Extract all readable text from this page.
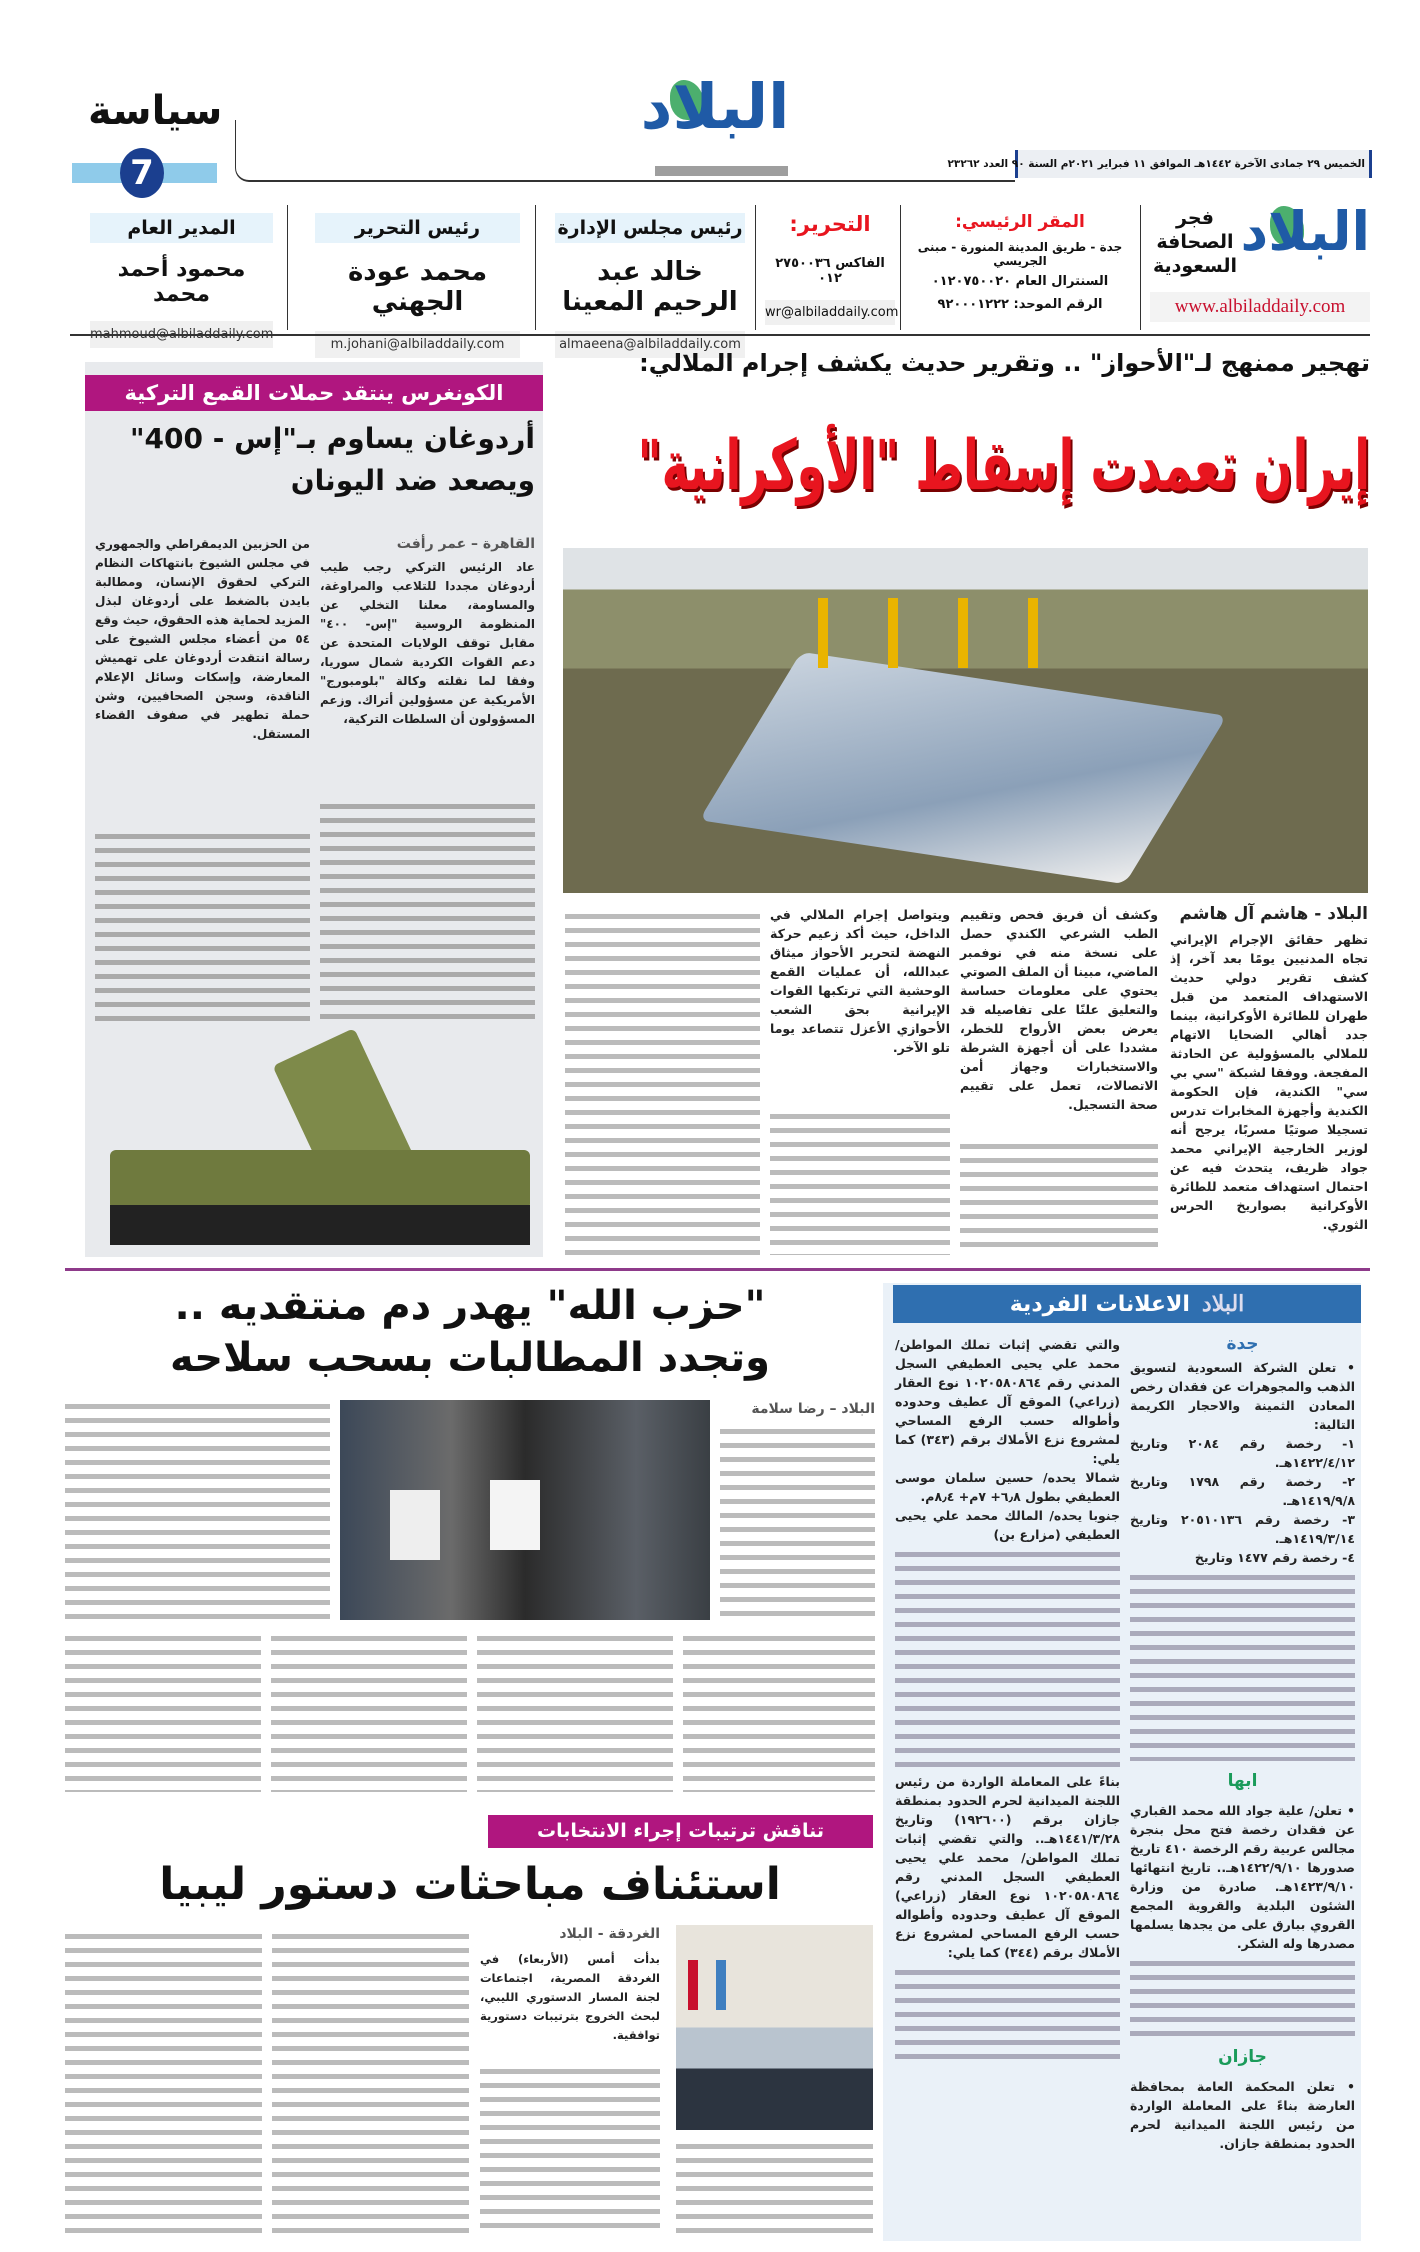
سياسة
7
البلاد
الخميس ٢٩ جمادى الآخرة ١٤٤٢هـ الموافق ١١ فبراير ٢٠٢١م السنة ٩٠ العدد ٢٣٢٦٢
البلاد
فجر
الصحافة
السعودية
www.albiladdaily.com
المقر الرئيسي:
جدة - طريق المدينة المنورة - مبنى الجريسي
السنترال العام ٠١٢٠٧٥٠٠٢٠
الرقم الموحد: ٩٢٠٠٠١٢٢٢
التحرير:
الفاكس ٢٧٥٠٠٣٦ ٠١٢
wr@albiladdaily.com
رئيس مجلس الإدارة
خالد عبد الرحيم المعينا
almaeena@albiladdaily.com
رئيس التحرير
محمد عودة الجهني
m.johani@albiladdaily.com
المدير العام
محمود أحمد محمد
mahmoud@albiladdaily.com
تهجير ممنهج لـ"الأحواز" .. وتقرير حديث يكشف إجرام الملالي:
إيران تعمدت إسقاط "الأوكرانية"
البلاد - هاشم آل هاشم
تظهر حقائق الإجرام الإيراني تجاه المدنيين يومًا بعد آخر، إذ كشف تقرير دولي حديث الاستهداف المتعمد من قبل طهران للطائرة الأوكرانية، بينما جدد أهالي الضحايا الاتهام للملالي بالمسؤولية عن الحادثة المفجعة. ووفقا لشبكة "سي بي سي" الكندية، فإن الحكومة الكندية وأجهزة المخابرات تدرس تسجيلا صوتيًا مسربًا، يرجح أنه لوزير الخارجية الإيراني محمد جواد ظريف، يتحدث فيه عن احتمال استهداف متعمد للطائرة الأوكرانية بصواريخ الحرس الثوري.
وكشف أن فريق فحص وتقييم الطب الشرعي الكندي حصل على نسخة منه في نوفمبر الماضي، مبينا أن الملف الصوتي يحتوي على معلومات حساسة والتعليق علنًا على تفاصيله قد يعرض بعض الأرواح للخطر، مشددا على أن أجهزة الشرطة والاستخبارات وجهاز أمن الاتصالات، تعمل على تقييم صحة التسجيل.
ويتواصل إجرام الملالي في الداخل، حيث أكد زعيم حركة النهضة لتحرير الأحواز ميثاق عبدالله، أن عمليات القمع الوحشية التي ترتكبها القوات الإيرانية بحق الشعب الأحوازي الأعزل تتصاعد يوما تلو الآخر.
الكونغرس ينتقد حملات القمع التركية
أردوغان يساوم بـ"إس - 400" ويصعد ضد اليونان
القاهرة – عمر رأفت
عاد الرئيس التركي رجب طيب أردوغان مجددا للتلاعب والمراوغة، والمساومة، معلنا التخلي عن المنظومة الروسية "إس- ٤٠٠" مقابل توقف الولايات المتحدة عن دعم القوات الكردية شمال سوريا، وفقا لما نقلته وكالة "بلومبورج" الأمريكية عن مسؤولين أتراك. وزعم المسؤولون أن السلطات التركية،
من الحزبين الديمقراطي والجمهوري في مجلس الشيوخ بانتهاكات النظام التركي لحقوق الإنسان، ومطالبة بايدن بالضغط على أردوغان لبذل المزيد لحماية هذه الحقوق، حيث وقع ٥٤ من أعضاء مجلس الشيوخ على رسالة انتقدت أردوغان على تهميش المعارضة، وإسكات وسائل الإعلام الناقدة، وسجن الصحافيين، وشن حملة تطهير في صفوف القضاء المستقل.
"حزب الله" يهدر دم منتقديه .. وتجدد المطالبات بسحب سلاحه
البلاد – رضا سلامة
تناقش ترتيبات إجراء الانتخابات
استئناف مباحثات دستور ليبيا
الغردقة - البلاد
بدأت أمس (الأربعاء) في الغردقة المصرية، اجتماعات لجنة المسار الدستوري الليبي، لبحث الخروج بترتيبات دستورية توافقية.
البلادالاعلانات الفردية
جدة
• تعلن الشركة السعودية لتسويق الذهب والمجوهرات عن فقدان رخص المعادن الثمينة والاحجار الكريمة التالية:
١- رخصة رقم ٢٠٨٤ وتاريخ ١٤٢٢/٤/١٢هـ.
٢- رخصة رقم ١٧٩٨ وتاريخ ١٤١٩/٩/٨هـ.
٣- رخصة رقم ٢٠٥١٠١٣٦ وتاريخ ١٤١٩/٣/١٤هـ.
٤- رخصة رقم ١٤٧٧ وتاريخ
ابها
• تعلن/ علية جواد الله محمد القباري عن فقدان رخصة فتح محل بنجرة مجالس عربية رقم الرخصة ٤١٠ تاريخ صدورها ١٤٢٢/٩/١٠هـ.. تاريخ انتهائها ١٤٢٣/٩/١٠هـ. صادرة من وزارة الشئون البلدية والقروية المجمع القروي ببارق على من يجدها يسلمها مصدرها وله الشكر.
جازان
• تعلن المحكمة العامة بمحافظة العارضة بناءً على المعاملة الواردة من رئيس اللجنة الميدانية لحرم الحدود بمنطقة جازان.
والتي تقضي إثبات تملك المواطن/ محمد علي يحيى العطيفي السجل المدني رقم ١٠٢٠٥٨٠٨٦٤ نوع العقار (زراعي) الموقع آل عطيف وحدوده وأطواله حسب الرفع المساحي لمشروع نزع الأملاك برقم (٣٤٣) كما يلي:
شمالا يحده/ حسين سلمان موسى العطيفي بطول ٦٫٨+ ٧م+ ٨٫٤م.
جنوبا يحده/ المالك محمد علي يحيى العطيفي (مزارع بن)
بناءً على المعاملة الواردة من رئيس اللجنة الميدانية لحرم الحدود بمنطقة جازان برقم (١٩٢٦٠٠) وتاريخ ١٤٤١/٣/٢٨هـ.. والتي تقضي إثبات تملك المواطن/ محمد علي يحيى العطيفي السجل المدني رقم ١٠٢٠٥٨٠٨٦٤ نوع العقار (زراعي) الموقع آل عطيف وحدوده وأطواله حسب الرفع المساحي لمشروع نزع الأملاك برقم (٣٤٤) كما يلي:
